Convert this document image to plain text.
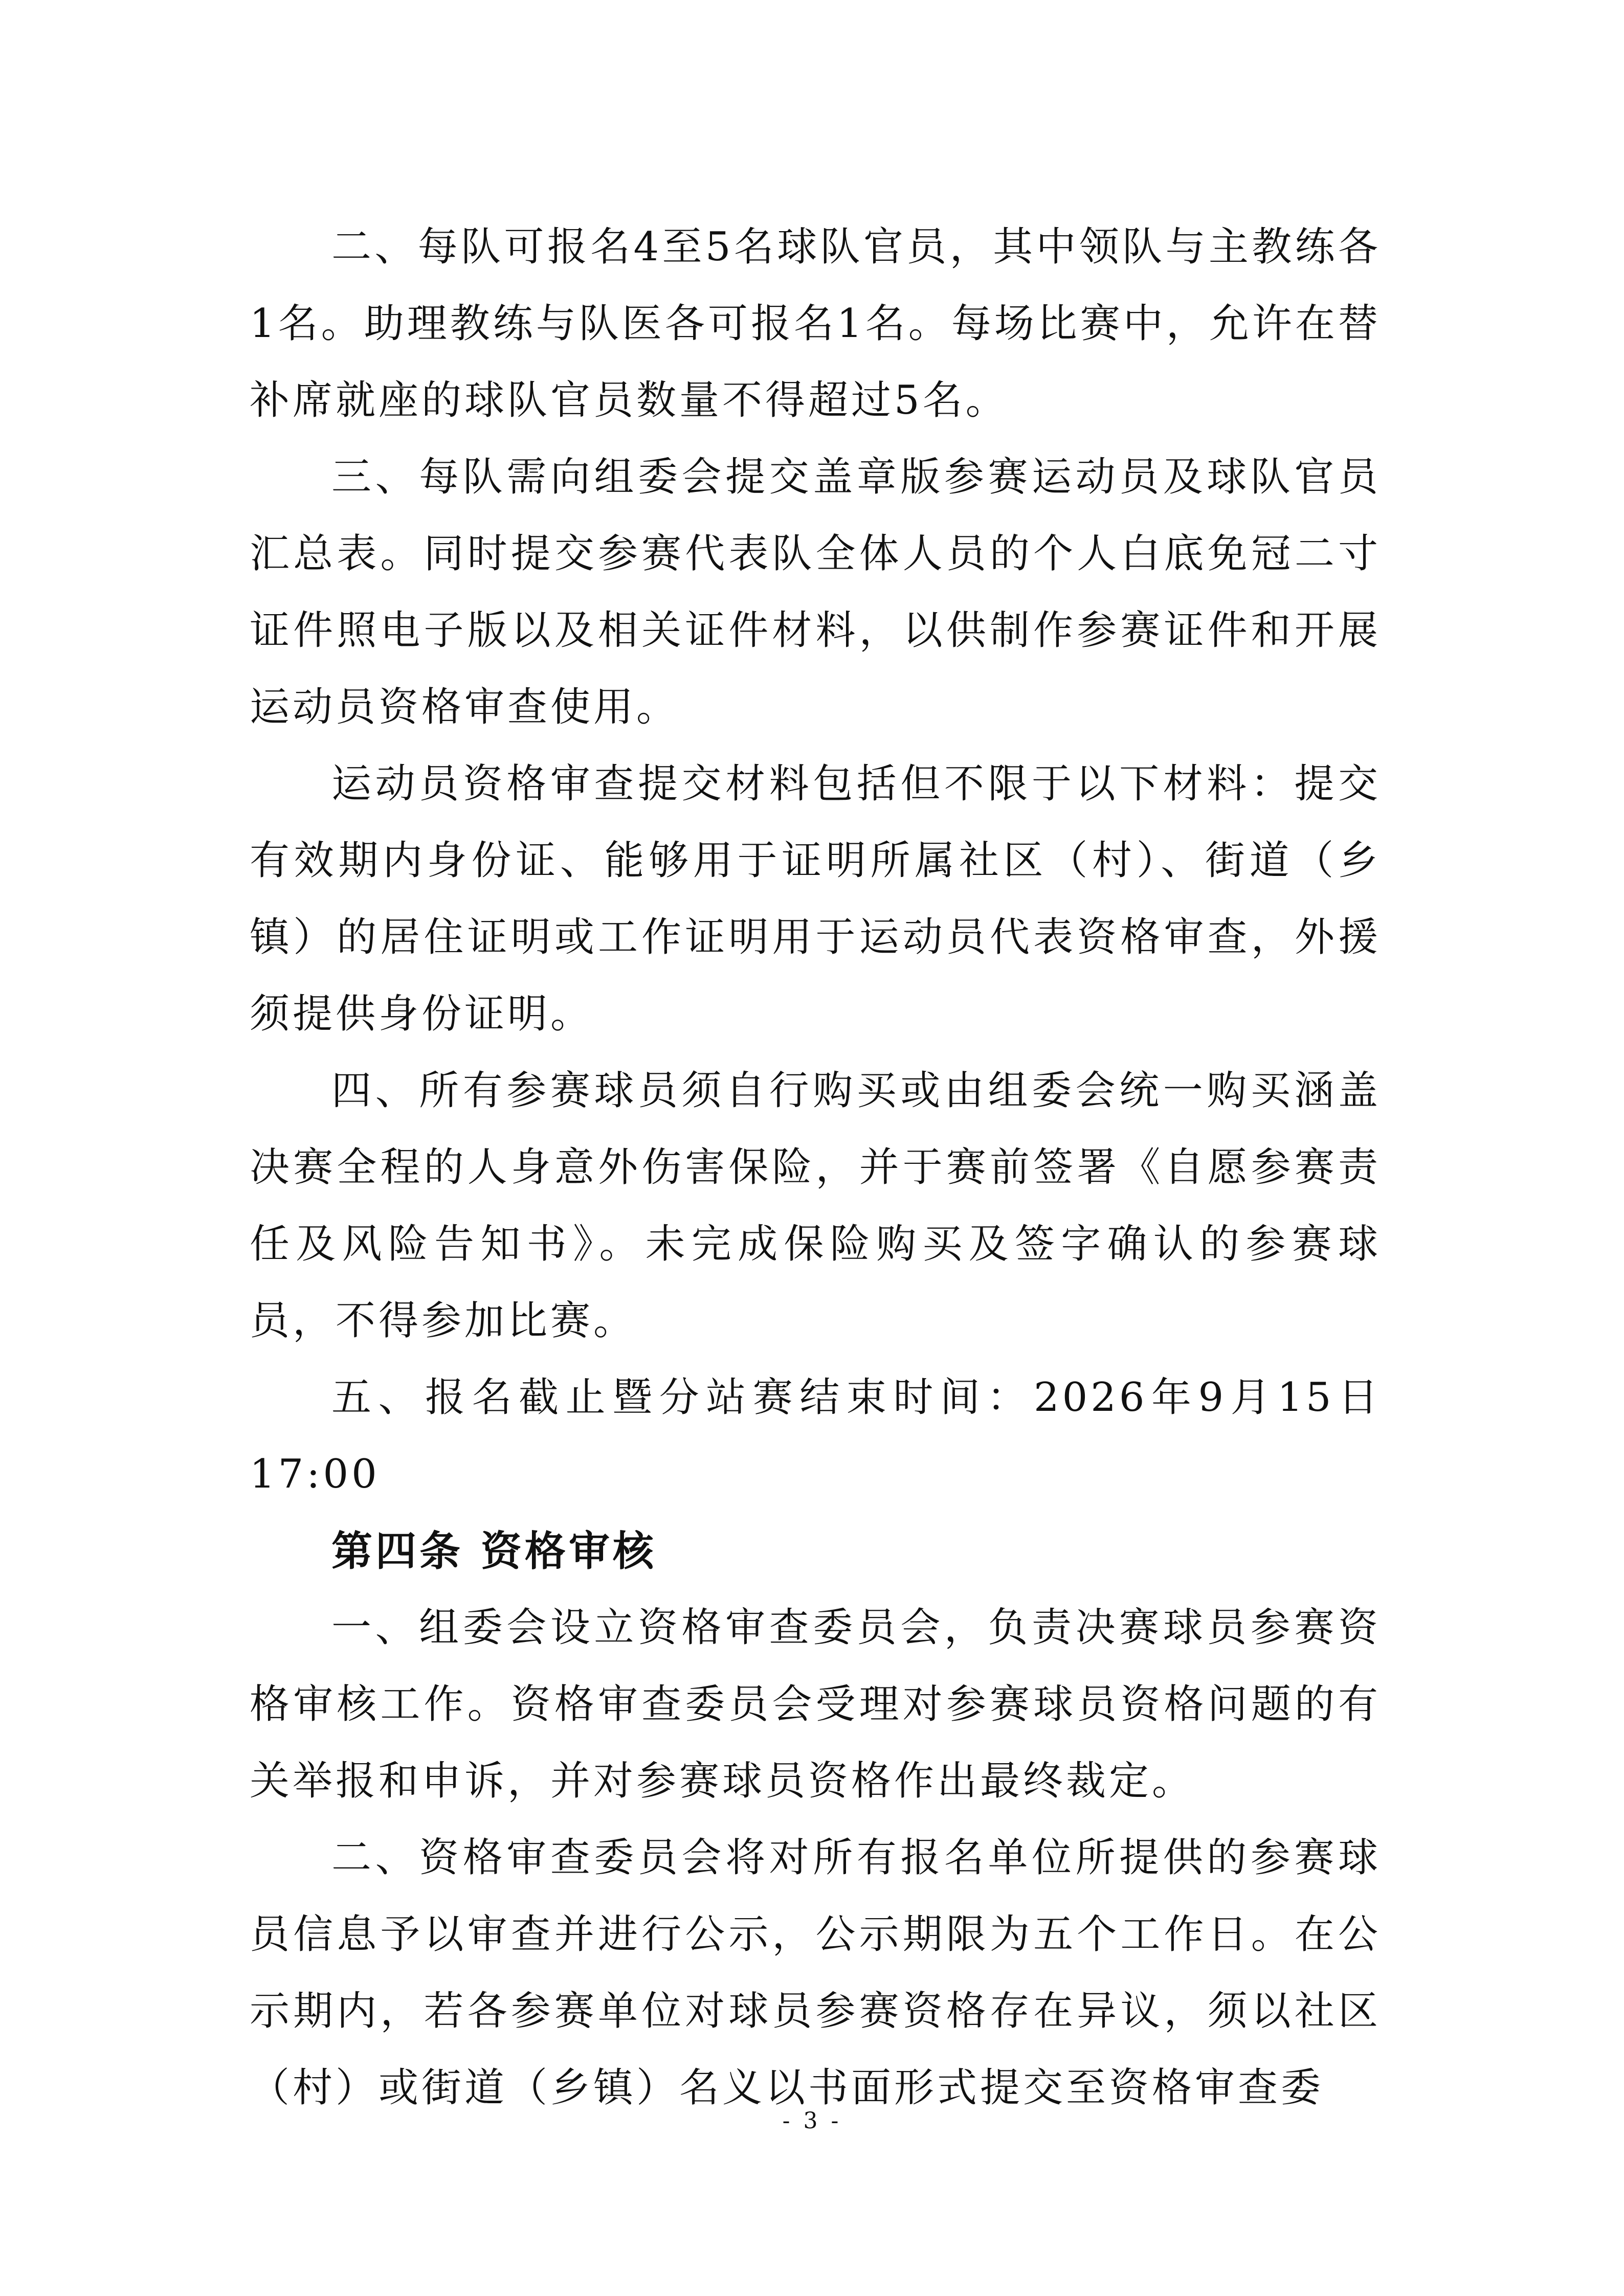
二、每队可报名4至5名球队官员，其中领队与主教练各1名。助理教练与队医各可报名1名。每场比赛中，允许在替补席就座的球队官员数量不得超过5名。

三、每队需向组委会提交盖章版参赛运动员及球队官员汇总表。同时提交参赛代表队全体人员的个人白底免冠二寸证件照电子版以及相关证件材料，以供制作参赛证件和开展运动员资格审查使用。

运动员资格审查提交材料包括但不限于以下材料：提交有效期内身份证、能够用于证明所属社区（村）、街道（乡镇）的居住证明或工作证明用于运动员代表资格审查，外援须提供身份证明。

四、所有参赛球员须自行购买或由组委会统一购买涵盖决赛全程的人身意外伤害保险，并于赛前签署《自愿参赛责任及风险告知书》。未完成保险购买及签字确认的参赛球员，不得参加比赛。

五、报名截止暨分站赛结束时间：2026年9月15日17:00

第四条 资格审核

一、组委会设立资格审查委员会，负责决赛球员参赛资格审核工作。资格审查委员会受理对参赛球员资格问题的有关举报和申诉，并对参赛球员资格作出最终裁定。

二、资格审查委员会将对所有报名单位所提供的参赛球员信息予以审查并进行公示，公示期限为五个工作日。在公示期内，若各参赛单位对球员参赛资格存在异议，须以社区（村）或街道（乡镇）名义以书面形式提交至资格审查委

- 3 -
